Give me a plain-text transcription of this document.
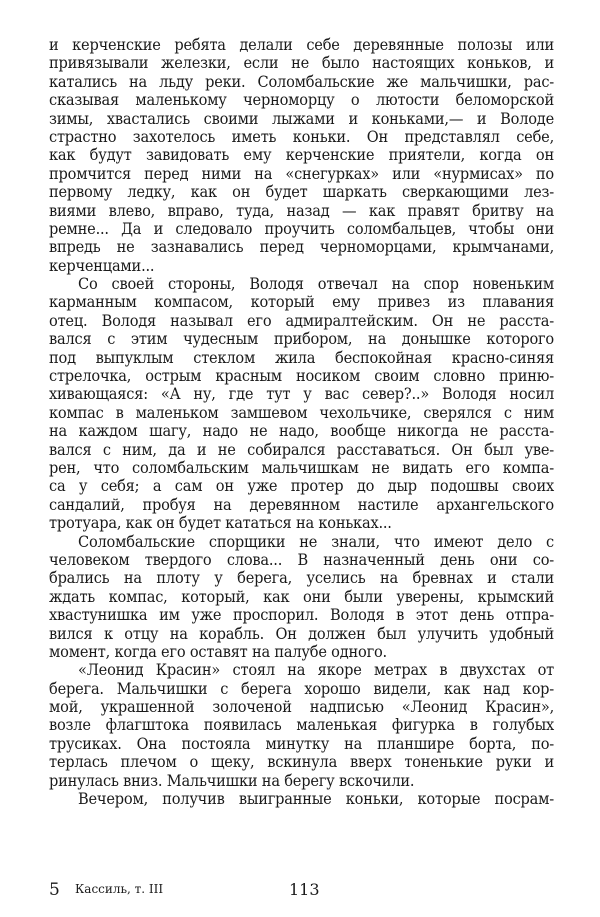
и керченские ребята делали себе деревянные полозы или
привязывали железки, если не было настоящих коньков, и
катались на льду реки. Соломбальские же мальчишки, рас-
сказывая маленькому черноморцу о лютости беломорской
зимы, хвастались своими лыжами и коньками,— и Володе
страстно захотелось иметь коньки. Он представлял себе,
как будут завидовать ему керченские приятели, когда он
промчится перед ними на «снегурках» или «нурмисах» по
первому ледку, как он будет шаркать сверкающими лез-
виями влево, вправо, туда, назад — как правят бритву на
ремне... Да и следовало проучить соломбальцев, чтобы они
впредь не зазнавались перед черноморцами, крымчанами,
керченцами...
Со своей стороны, Володя отвечал на спор новеньким
карманным компасом, который ему привез из плавания
отец. Володя называл его адмиралтейским. Он не расста-
вался с этим чудесным прибором, на донышке которого
под выпуклым стеклом жила беспокойная красно-синяя
стрелочка, острым красным носиком своим словно приню-
хивающаяся: «А ну, где тут у вас север?..» Володя носил
компас в маленьком замшевом чехольчике, сверялся с ним
на каждом шагу, надо не надо, вообще никогда не расста-
вался с ним, да и не собирался расставаться. Он был уве-
рен, что соломбальским мальчишкам не видать его компа-
са у себя; а сам он уже протер до дыр подошвы своих
сандалий, пробуя на деревянном настиле архангельского
тротуара, как он будет кататься на коньках...
Соломбальские спорщики не знали, что имеют дело с
человеком твердого слова... В назначенный день они со-
брались на плоту у берега, уселись на бревнах и стали
ждать компас, который, как они были уверены, крымский
хвастунишка им уже проспорил. Володя в этот день отпра-
вился к отцу на корабль. Он должен был улучить удобный
момент, когда его оставят на палубе одного.
«Леонид Красин» стоял на якоре метрах в двухстах от
берега. Мальчишки с берега хорошо видели, как над кор-
мой, украшенной золоченой надписью «Леонид Красин»,
возле флагштока появилась маленькая фигурка в голубых
трусиках. Она постояла минутку на планшире борта, по-
терлась плечом о щеку, вскинула вверх тоненькие руки и
ринулась вниз. Мальчишки на берегу вскочили.
Вечером, получив выигранные коньки, которые посрам-
5 Кассиль, т. III	113
